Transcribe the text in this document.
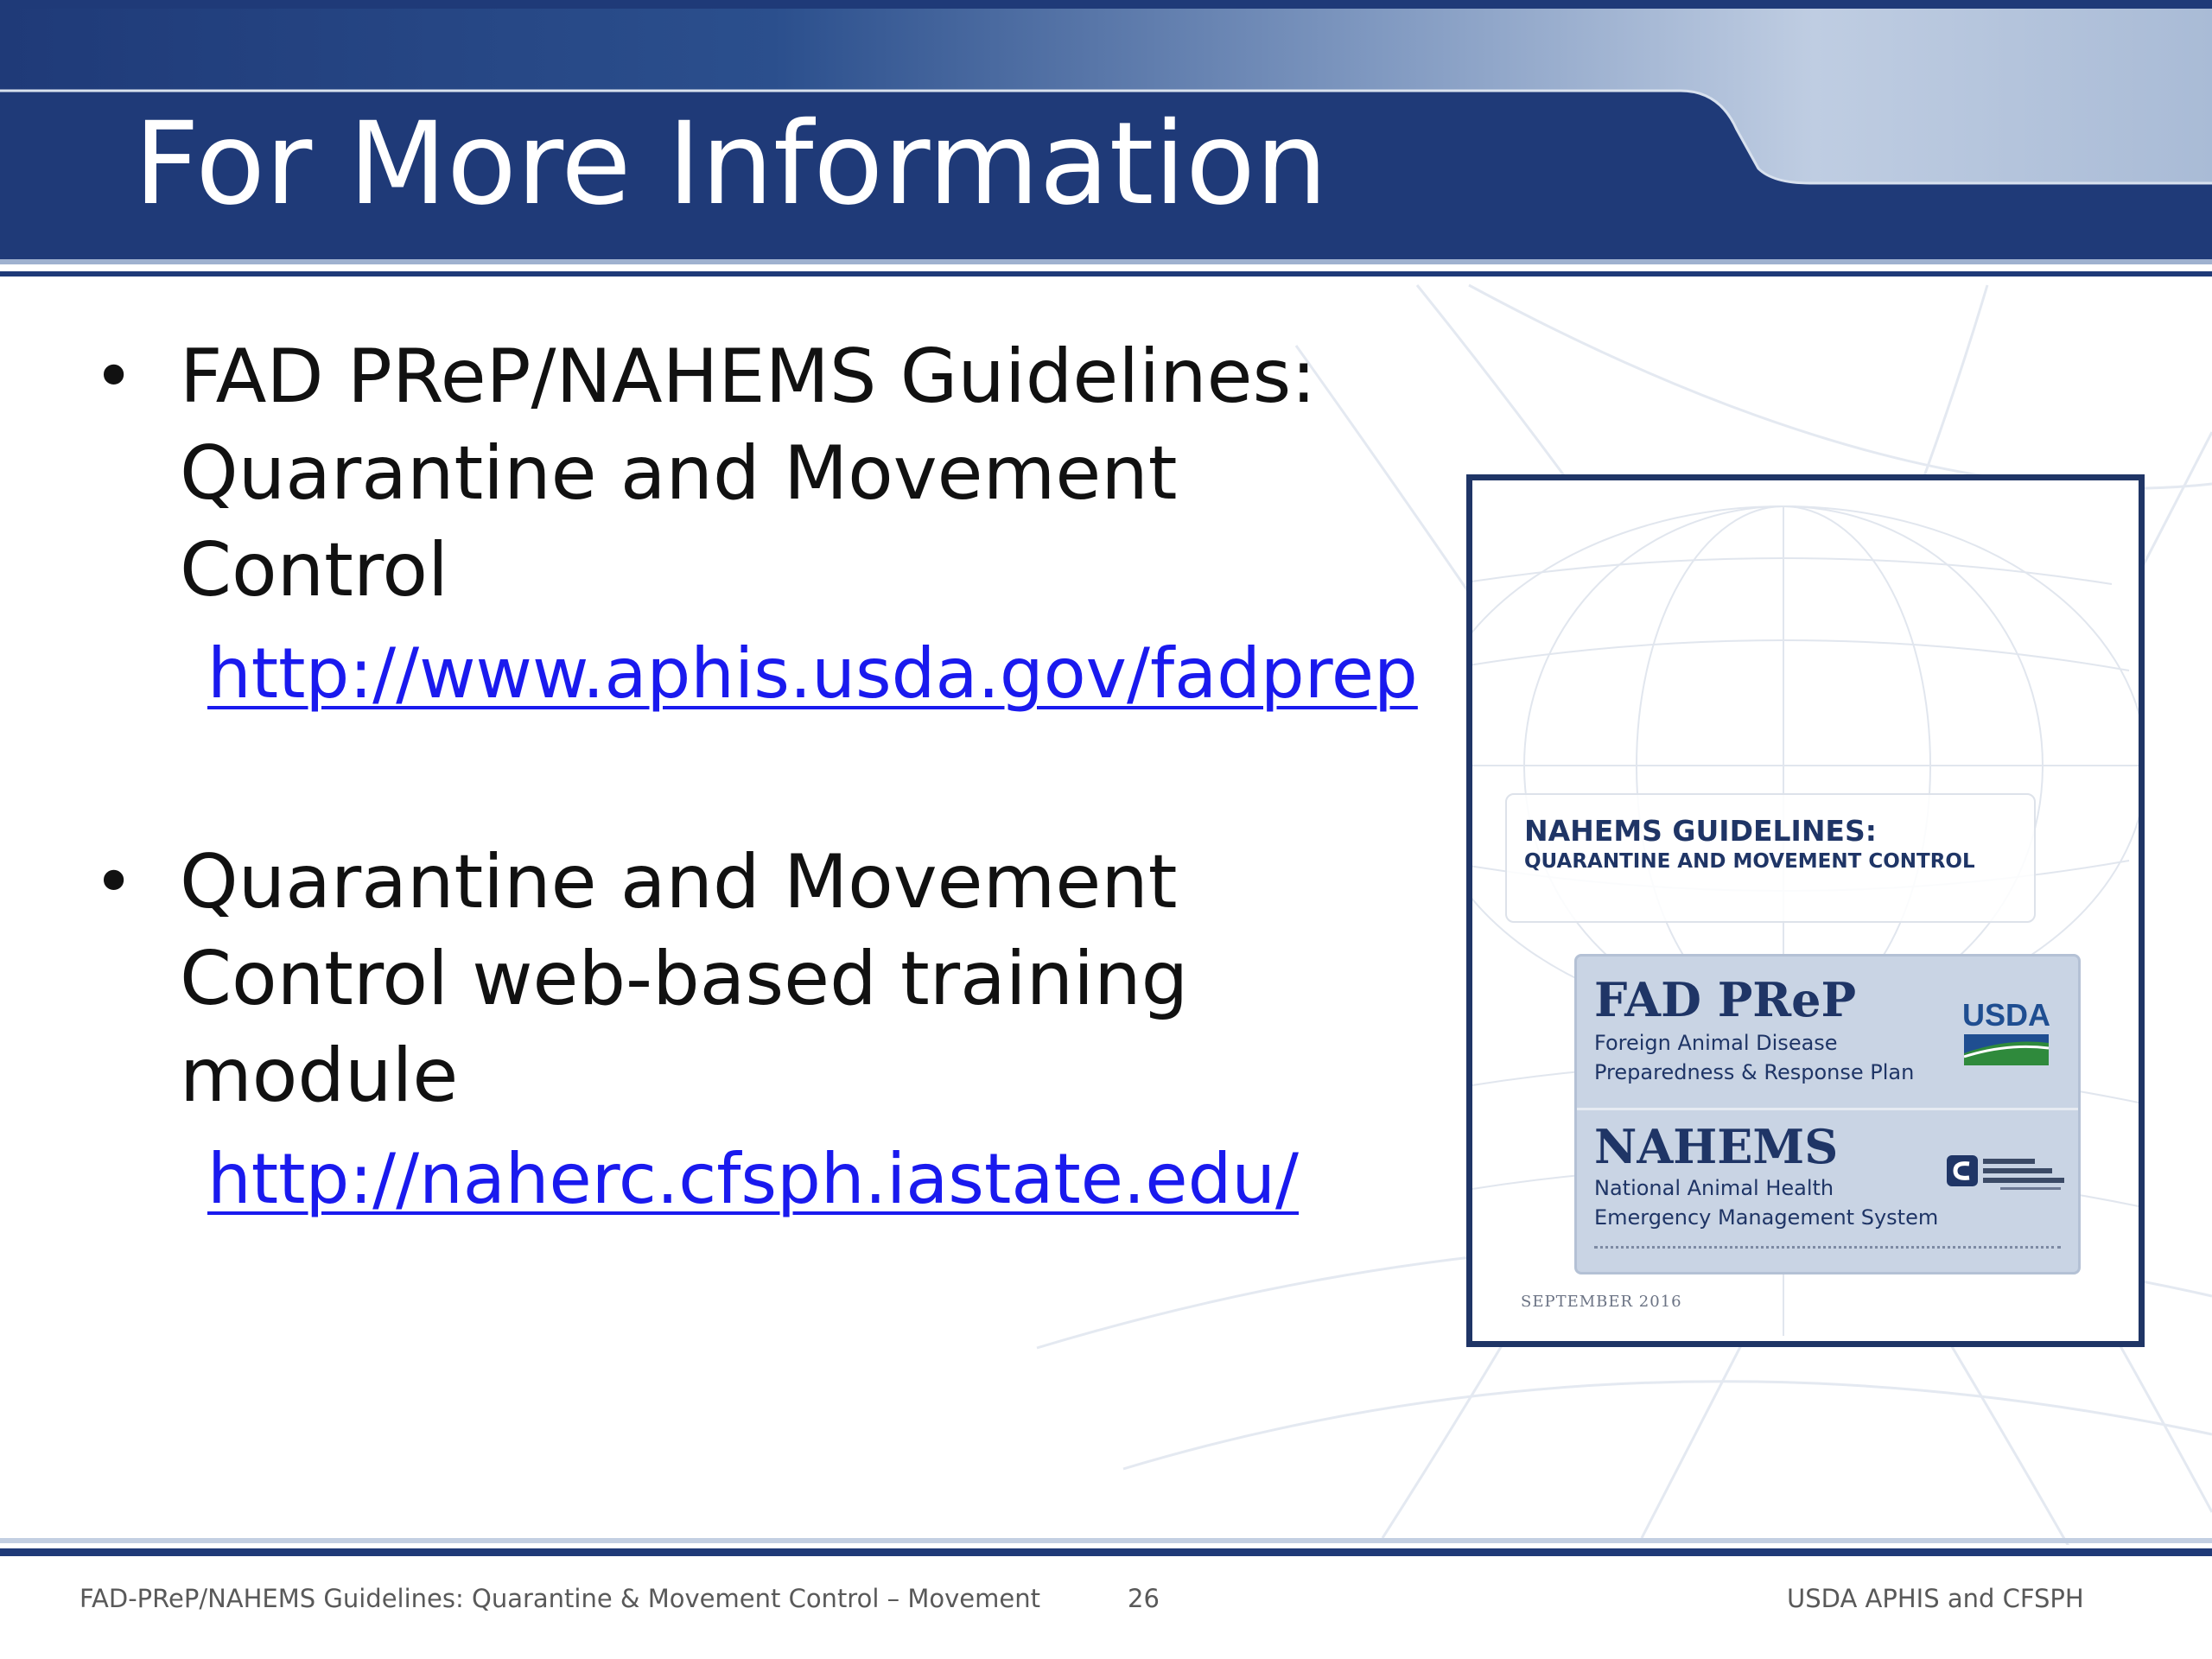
For More Information
• FAD PReP/NAHEMS Guidelines: Quarantine and Movement Control
http://www.aphis.usda.gov/fadprep
• Quarantine and Movement Control web-based training module
http://naherc.cfsph.iastate.edu/
NAHEMS GUIDELINES:
QUARANTINE AND MOVEMENT CONTROL
FAD PReP
Foreign Animal Disease
Preparedness & Response Plan
USDA
NAHEMS
National Animal Health
Emergency Management System
SEPTEMBER 2016
FAD-PReP/NAHEMS Guidelines: Quarantine & Movement Control – Movement	26	USDA APHIS and CFSPH
